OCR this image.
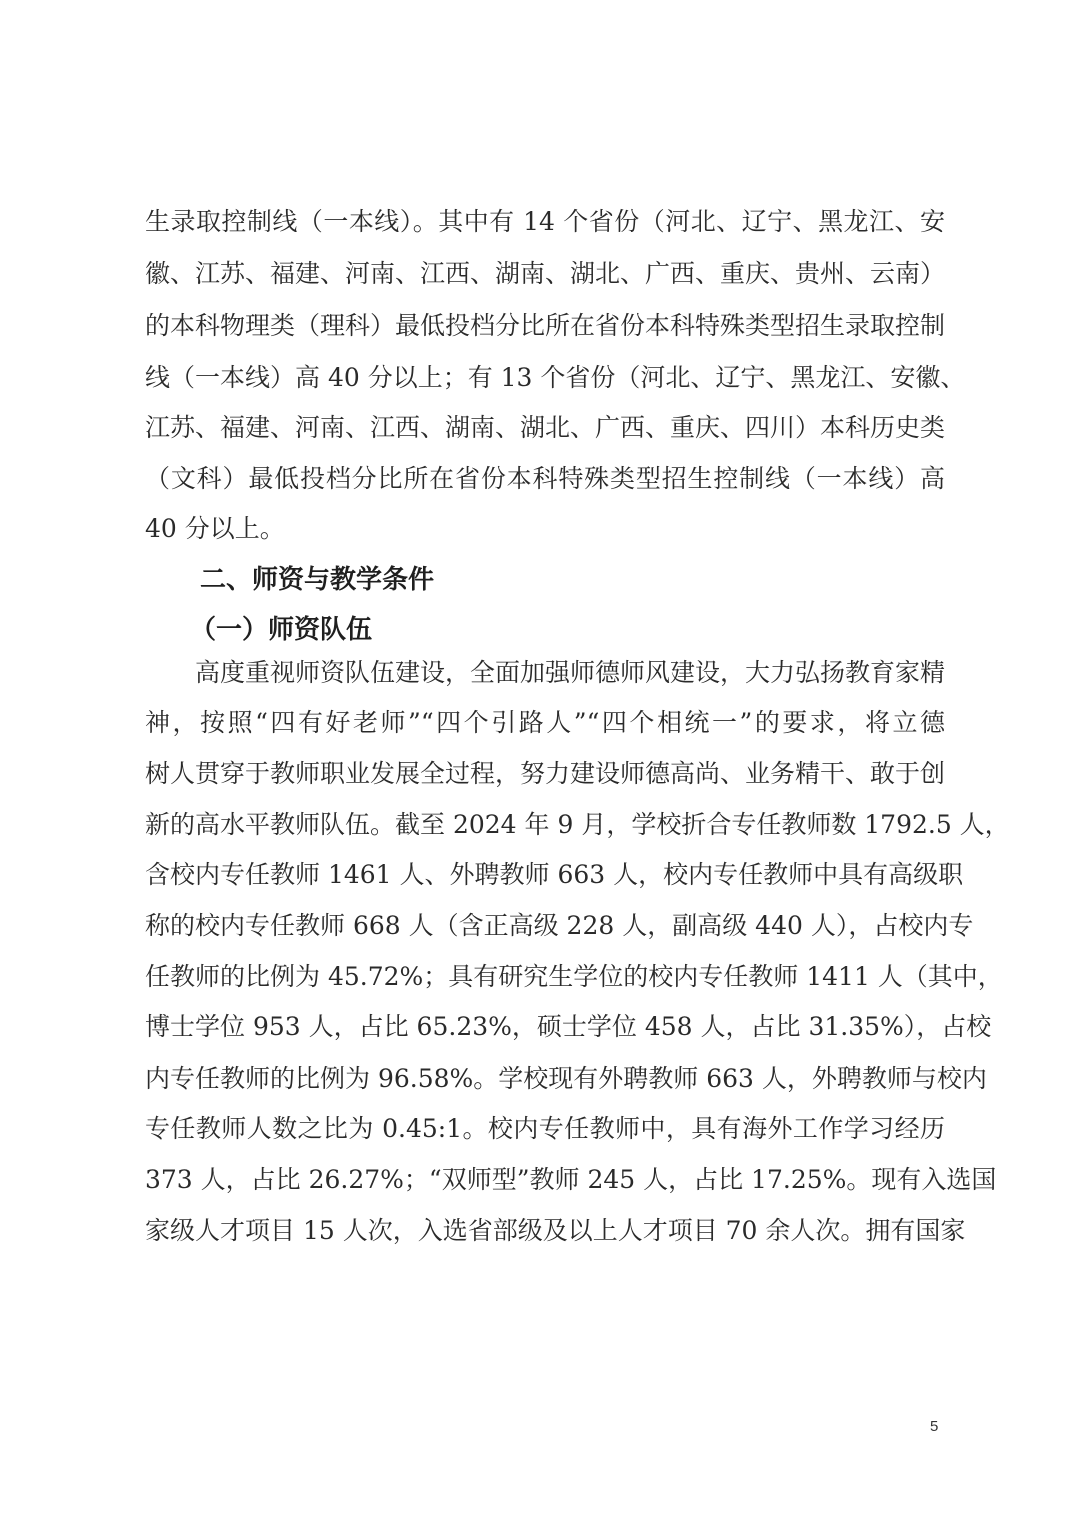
生录取控制线（一本线）。其中有 14 个省份（河北、辽宁、黑龙江、安
徽、江苏、福建、河南、江西、湖南、湖北、广西、重庆、贵州、云南）
的本科物理类（理科）最低投档分比所在省份本科特殊类型招生录取控制
线（一本线）高 40 分以上；有 13 个省份（河北、辽宁、黑龙江、安徽、
江苏、福建、河南、江西、湖南、湖北、广西、重庆、四川）本科历史类
（文科）最低投档分比所在省份本科特殊类型招生控制线（一本线）高
40 分以上。
二、师资与教学条件
（一）师资队伍
高度重视师资队伍建设，全面加强师德师风建设，大力弘扬教育家精
神，按照“四有好老师”“四个引路人”“四个相统一”的要求，将立德
树人贯穿于教师职业发展全过程，努力建设师德高尚、业务精干、敢于创
新的高水平教师队伍。截至 2024 年 9 月，学校折合专任教师数 1792.5 人，
含校内专任教师 1461 人、外聘教师 663 人，校内专任教师中具有高级职
称的校内专任教师 668 人（含正高级 228 人，副高级 440 人），占校内专
任教师的比例为 45.72%；具有研究生学位的校内专任教师 1411 人（其中，
博士学位 953 人，占比 65.23%，硕士学位 458 人，占比 31.35%），占校
内专任教师的比例为 96.58%。学校现有外聘教师 663 人，外聘教师与校内
专任教师人数之比为 0.45:1。校内专任教师中，具有海外工作学习经历
373 人，占比 26.27%；“双师型”教师 245 人，占比 17.25%。现有入选国
家级人才项目 15 人次，入选省部级及以上人才项目 70 余人次。拥有国家
5
